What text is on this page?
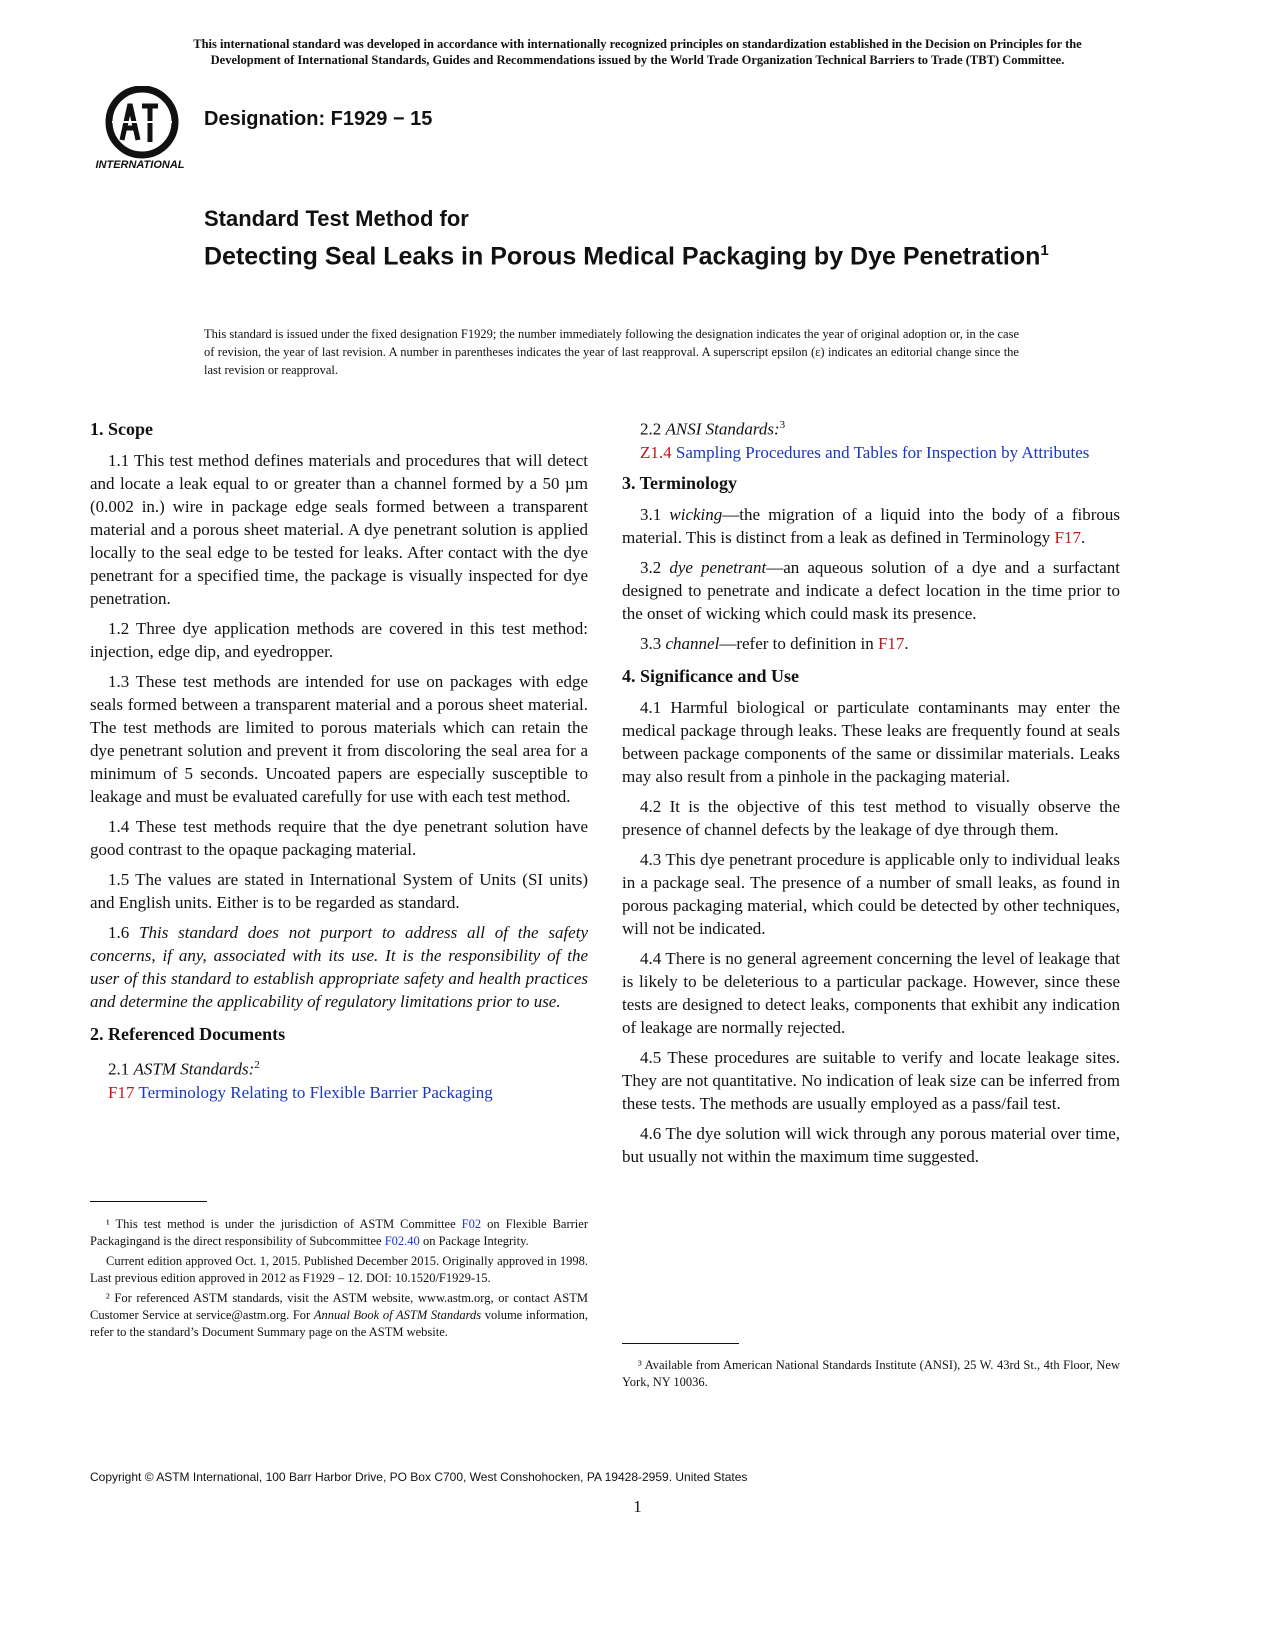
This international standard was developed in accordance with internationally recognized principles on standardization established in the Decision on Principles for the
Development of International Standards, Guides and Recommendations issued by the World Trade Organization Technical Barriers to Trade (TBT) Committee.
INTERNATIONAL
Designation: F1929 − 15
Standard Test Method for
Detecting Seal Leaks in Porous Medical Packaging by Dye Penetration$^1$
This standard is issued under the fixed designation F1929; the number immediately following the designation indicates the year of original adoption or, in the case of revision, the year of last revision. A number in parentheses indicates the year of last reapproval. A superscript epsilon (ε) indicates an editorial change since the last revision or reapproval.

1. Scope

1.1 This test method defines materials and procedures that will detect and locate a leak equal to or greater than a channel formed by a 50 µm (0.002 in.) wire in package edge seals formed between a transparent material and a porous sheet material. A dye penetrant solution is applied locally to the seal edge to be tested for leaks. After contact with the dye penetrant for a specified time, the package is visually inspected for dye penetration.

1.2 Three dye application methods are covered in this test method: injection, edge dip, and eyedropper.

1.3 These test methods are intended for use on packages with edge seals formed between a transparent material and a porous sheet material. The test methods are limited to porous materials which can retain the dye penetrant solution and prevent it from discoloring the seal area for a minimum of 5 seconds. Uncoated papers are especially susceptible to leakage and must be evaluated carefully for use with each test method.

1.4 These test methods require that the dye penetrant solution have good contrast to the opaque packaging material.

1.5 The values are stated in International System of Units (SI units) and English units. Either is to be regarded as standard.

1.6 This standard does not purport to address all of the safety concerns, if any, associated with its use. It is the responsibility of the user of this standard to establish appropriate safety and health practices and determine the applicability of regulatory limitations prior to use.

2. Referenced Documents

2.1 ASTM Standards:$^2$

F17 Terminology Relating to Flexible Barrier Packaging

¹ This test method is under the jurisdiction of ASTM Committee F02 on Flexible Barrier Packagingand is the direct responsibility of Subcommittee F02.40 on Package Integrity.

Current edition approved Oct. 1, 2015. Published December 2015. Originally approved in 1998. Last previous edition approved in 2012 as F1929 – 12. DOI: 10.1520/F1929-15.

² For referenced ASTM standards, visit the ASTM website, www.astm.org, or contact ASTM Customer Service at service@astm.org. For Annual Book of ASTM Standards volume information, refer to the standard’s Document Summary page on the ASTM website.

2.2 ANSI Standards:$^3$

Z1.4 Sampling Procedures and Tables for Inspection by Attributes

3. Terminology

3.1 wicking—the migration of a liquid into the body of a fibrous material. This is distinct from a leak as defined in Terminology F17.

3.2 dye penetrant—an aqueous solution of a dye and a surfactant designed to penetrate and indicate a defect location in the time prior to the onset of wicking which could mask its presence.

3.3 channel—refer to definition in F17.

4. Significance and Use

4.1 Harmful biological or particulate contaminants may enter the medical package through leaks. These leaks are frequently found at seals between package components of the same or dissimilar materials. Leaks may also result from a pinhole in the packaging material.

4.2 It is the objective of this test method to visually observe the presence of channel defects by the leakage of dye through them.

4.3 This dye penetrant procedure is applicable only to individual leaks in a package seal. The presence of a number of small leaks, as found in porous packaging material, which could be detected by other techniques, will not be indicated.

4.4 There is no general agreement concerning the level of leakage that is likely to be deleterious to a particular package. However, since these tests are designed to detect leaks, components that exhibit any indication of leakage are normally rejected.

4.5 These procedures are suitable to verify and locate leakage sites. They are not quantitative. No indication of leak size can be inferred from these tests. The methods are usually employed as a pass/fail test.

4.6 The dye solution will wick through any porous material over time, but usually not within the maximum time suggested.

³ Available from American National Standards Institute (ANSI), 25 W. 43rd St., 4th Floor, New York, NY 10036.

Copyright © ASTM International, 100 Barr Harbor Drive, PO Box C700, West Conshohocken, PA 19428-2959. United States
1
